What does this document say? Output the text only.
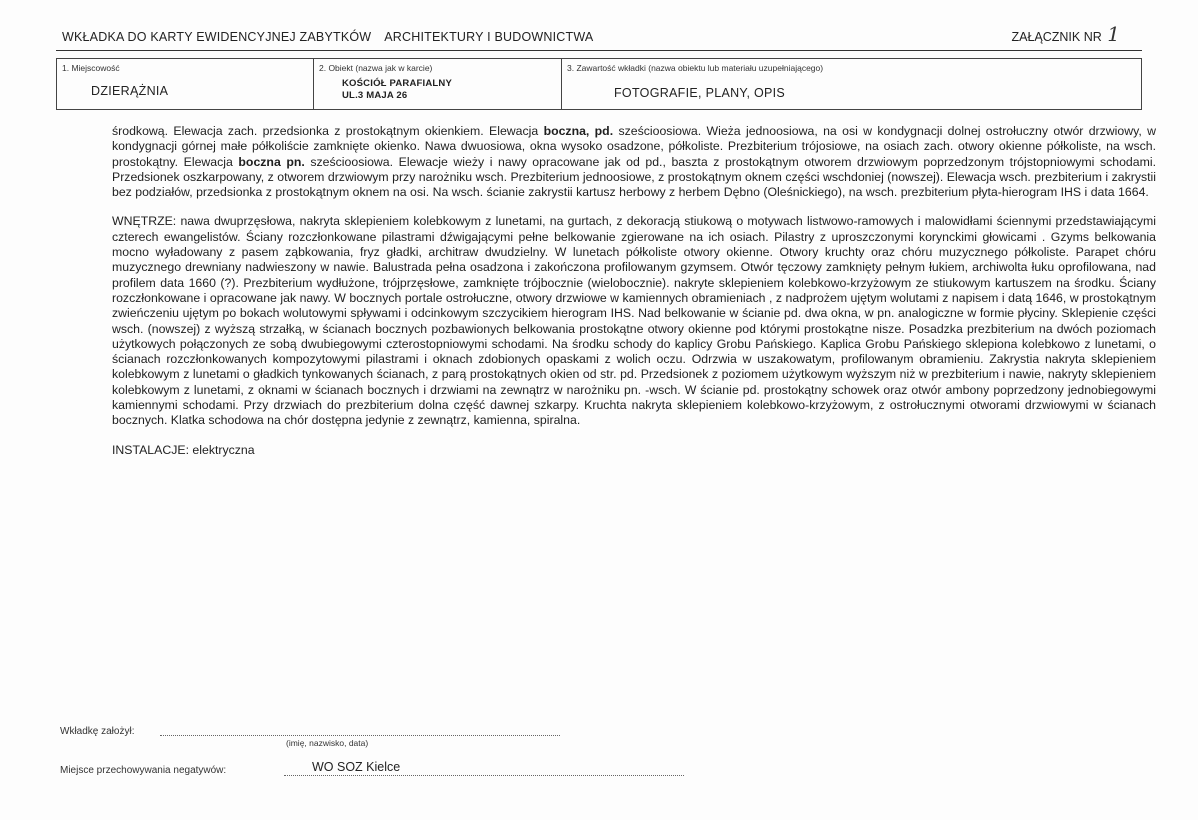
WKŁADKA DO KARTY EWIDENCYJNEJ ZABYTKÓW ARCHITEKTURY I BUDOWNICTWA	ZAŁĄCZNIK NR 1
1. Miejscowość
DZIERĄŻNIA
2. Obiekt (nazwa jak w karcie)
KOŚCIÓŁ PARAFIALNY
UL.3 MAJA 26
3. Zawartość wkładki (nazwa obiektu lub materiału uzupełniającego)
FOTOGRAFIE, PLANY, OPIS

środkową. Elewacja zach. przedsionka z prostokątnym okienkiem. Elewacja boczna, pd. sześcioosiowa. Wieża jednoosiowa, na osi w kondygnacji dolnej ostrołuczny otwór drzwiowy, w kondygnacji górnej małe półkoliście zamknięte okienko. Nawa dwuosiowa, okna wysoko osadzone, półkoliste. Prezbiterium trójosiowe, na osiach zach. otwory okienne półkoliste, na wsch. prostokątny. Elewacja boczna pn. sześcioosiowa. Elewacje wieży i nawy opracowane jak od pd., baszta z prostokątnym otworem drzwiowym poprzedzonym trójstopniowymi schodami. Przedsionek oszkarpowany, z otworem drzwiowym przy narożniku wsch. Prezbiterium jednoosiowe, z prostokątnym oknem części wschdoniej (nowszej). Elewacja wsch. prezbiterium i zakrystii bez podziałów, przedsionka z prostokątnym oknem na osi. Na wsch. ścianie zakrystii kartusz herbowy z herbem Dębno (Oleśnickiego), na wsch. prezbiterium płyta-hierogram IHS i data 1664.

WNĘTRZE: nawa dwuprzęsłowa, nakryta sklepieniem kolebkowym z lunetami, na gurtach, z dekoracją stiukową o motywach listwowo-ramowych i malowidłami ściennymi przedstawiającymi czterech ewangelistów. Ściany rozczłonkowane pilastrami dźwigającymi pełne belkowanie zgierowane na ich osiach. Pilastry z uproszczonymi korynckimi głowicami . Gzyms belkowania mocno wyładowany z pasem ząbkowania, fryz gładki, architraw dwudzielny. W lunetach półkoliste otwory okienne. Otwory kruchty oraz chóru muzycznego półkoliste. Parapet chóru muzycznego drewniany nadwieszony w nawie. Balustrada pełna osadzona i zakończona profilowanym gzymsem. Otwór tęczowy zamknięty pełnym łukiem, archiwolta łuku oprofilowana, nad profilem data 1660 (?). Prezbiterium wydłużone, trójprzęsłowe, zamknięte trójbocznie (wielobocznie). nakryte sklepieniem kolebkowo-krzyżowym ze stiukowym kartuszem na środku. Ściany rozczłonkowane i opracowane jak nawy. W bocznych portale ostrołuczne, otwory drzwiowe w kamiennych obramieniach , z nadprożem ujętym wolutami z napisem i datą 1646, w prostokątnym zwieńczeniu ujętym po bokach wolutowymi spływami i odcinkowym szczycikiem hierogram IHS. Nad belkowanie w ścianie pd. dwa okna, w pn. analogiczne w formie płyciny. Sklepienie części wsch. (nowszej) z wyższą strzałką, w ścianach bocznych pozbawionych belkowania prostokątne otwory okienne pod którymi prostokątne nisze. Posadzka prezbiterium na dwóch poziomach użytkowych połączonych ze sobą dwubiegowymi czterostopniowymi schodami. Na środku schody do kaplicy Grobu Pańskiego. Kaplica Grobu Pańskiego sklepiona kolebkowo z lunetami, o ścianach rozczłonkowanych kompozytowymi pilastrami i oknach zdobionych opaskami z wolich oczu. Odrzwia w uszakowatym, profilowanym obramieniu. Zakrystia nakryta sklepieniem kolebkowym z lunetami o gładkich tynkowanych ścianach, z parą prostokątnych okien od str. pd. Przedsionek z poziomem użytkowym wyższym niż w prezbiterium i nawie, nakryty sklepieniem kolebkowym z lunetami, z oknami w ścianach bocznych i drzwiami na zewnątrz w narożniku pn. -wsch. W ścianie pd. prostokątny schowek oraz otwór ambony poprzedzony jednobiegowymi kamiennymi schodami. Przy drzwiach do prezbiterium dolna część dawnej szkarpy. Kruchta nakryta sklepieniem kolebkowo-krzyżowym, z ostrołucznymi otworami drzwiowymi w ścianach bocznych. Klatka schodowa na chór dostępna jedynie z zewnątrz, kamienna, spiralna.

INSTALACJE: elektryczna

Wkładkę założył:
(imię, nazwisko, data)
Miejsce przechowywania negatywów:	WO SOZ Kielce
